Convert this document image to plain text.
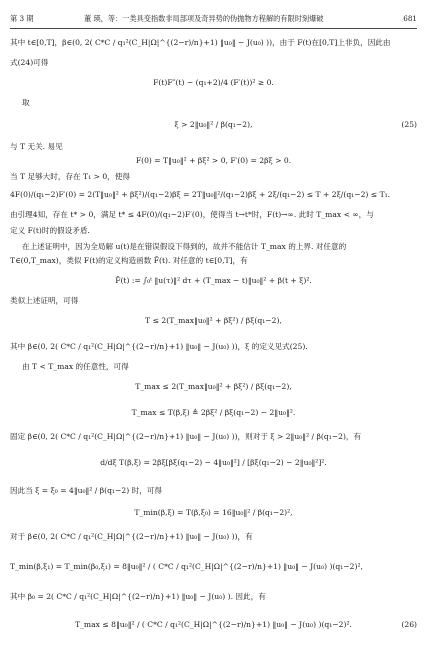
第 3 期	董 瑛，等：一类具变指数非局部项及奇异势的伪抛物方程解的有限时刻爆破	681
其中 t∈[0,T]，β∈(0, 2( C*C / q₁²(C_H|Ω|^{(2−r)/n}+1) ‖u₀‖ − J(u₀) ))，由于 F(t)在[0,T]上非负，因此由
式(24)可得
F(t)F″(t) − (q₁+2)/4 (F′(t))² ≥ 0.
取
ξ > 2‖u₀‖² / β(q₁−2),	(25)
与 T 无关. 易见
F(0) = T‖u₀‖² + βξ² > 0, F′(0) = 2βξ > 0.
当 T 足够大时，存在 T₁ > 0，使得
4F(0)/(q₁−2)F′(0) = 2(T‖u₀‖² + βξ²)/(q₁−2)βξ = 2T‖u₀‖²/(q₁−2)βξ + 2ξ/(q₁−2) ≤ T + 2ξ/(q₁−2) ≤ T₁.
由引理4知，存在 t* > 0，满足 t* ≤ 4F(0)/(q₁−2)F′(0)，使得当 t→t*时，F(t)→∞. 此时 T_max < ∞，与
定义 F(t)时的假设矛盾.
在上述证明中，因为全局解 u(t)是在错误假设下得到的，故并不能估计 T_max 的上界. 对任意的
T∈(0,T_max)，类似 F(t)的定义构造函数 F̄(t). 对任意的 t∈[0,T]，有
F̄(t) := ∫₀ᵗ ‖u(τ)‖² dτ + (T_max − t)‖u₀‖² + β(t + ξ)².
类似上述证明，可得
T ≤ 2(T_max‖u₀‖² + βξ²) / βξ(q₁−2),
其中 β∈(0, 2( C*C / q₁²(C_H|Ω|^{(2−r)/n}+1) ‖u₀‖ − J(u₀) ))，ξ 的定义见式(25).
由 T < T_max 的任意性，可得
T_max ≤ 2(T_max‖u₀‖² + βξ²) / βξ(q₁−2),
T_max ≤ T(β,ξ) ≜ 2βξ² / βξ(q₁−2) − 2‖u₀‖².
固定 β∈(0, 2( C*C / q₁²(C_H|Ω|^{(2−r)/n}+1) ‖u₀‖ − J(u₀) ))，则对于 ξ > 2‖u₀‖² / β(q₁−2)，有
d/dξ T(β,ξ) = 2βξ[βξ(q₁−2) − 4‖u₀‖²] / [βξ(q₁−2) − 2‖u₀‖²]².
因此当 ξ = ξ₀ = 4‖u₀‖² / β(q₁−2) 时，可得
T_min(β,ξ) = T(β,ξ₀) = 16‖u₀‖² / β(q₁−2)²,
对于 β∈(0, 2( C*C / q₁²(C_H|Ω|^{(2−r)/n}+1) ‖u₀‖ − J(u₀) ))，有
T_min(β,ξ₁) = T_min(β₀,ξ₁) = 8‖u₀‖² / ( C*C / q₁²(C_H|Ω|^{(2−r)/n}+1) ‖u₀‖ − J(u₀) )(q₁−2)²,
其中 β₀ = 2( C*C / q₁²(C_H|Ω|^{(2−r)/n}+1) ‖u₀‖ − J(u₀) ). 因此，有
T_max ≤ 8‖u₀‖² / ( C*C / q₁²(C_H|Ω|^{(2−r)/n}+1) ‖u₀‖ − J(u₀) )(q₁−2)².	(26)
